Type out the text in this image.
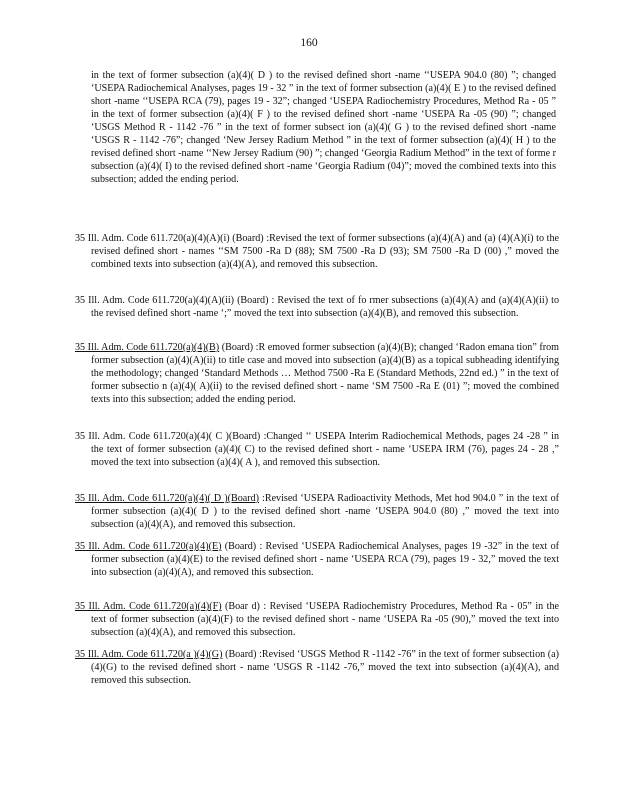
160
in the text of former subsection (a)(4)( D ) to the revised defined short -name ‘‘USEPA 904.0 (80) ”; changed ‘USEPA Radiochemical Analyses, pages 19 - 32 ” in the text of former subsection (a)(4)( E ) to the revised defined short -name ‘‘USEPA RCA (79), pages 19 - 32”; changed ‘USEPA Radiochemistry Procedures, Method Ra - 05 ” in the text of former subsection (a)(4)( F ) to the revised defined short -name ‘USEPA Ra -05 (90) ”; changed ‘USGS Method R - 1142 -76 ” in the text of former subsect ion (a)(4)( G ) to the revised defined short -name ‘USGS R - 1142 -76”; changed ‘New Jersey Radium Method ” in the text of former subsection (a)(4)( H ) to the revised defined short -name ‘‘New Jersey Radium (90) ”; changed ‘Georgia Radium Method” in the text of forme r subsection (a)(4)( I) to the revised defined short -name ‘Georgia Radium (04)”; moved the combined texts into this subsection; added the ending period.
35 Ill. Adm. Code 611.720(a)(4)(A)(i) (Board) :Revised the text of former subsections (a)(4)(A) and (a) (4)(A)(i) to the revised defined short - names ‘‘SM 7500 -Ra D (88); SM 7500 -Ra D (93); SM 7500 -Ra D (00) ,” moved the combined texts into subsection (a)(4)(A), and removed this subsection.
35 Ill. Adm. Code 611.720(a)(4)(A)(ii) (Board) : Revised the text of fo rmer subsections (a)(4)(A) and (a)(4)(A)(ii) to the revised defined short -name ‘;” moved the text into subsection (a)(4)(B), and removed this subsection.
35 Ill. Adm. Code 611.720(a)(4)(B) (Board) :R emoved former subsection (a)(4)(B); changed ‘Radon emana tion” from former subsection (a)(4)(A)(ii) to title case and moved into subsection (a)(4)(B) as a topical subheading identifying the methodology; changed ‘Standard Methods … Method 7500 -Ra E (Standard Methods, 22nd ed.) ” in the text of former subsectio n (a)(4)( A)(ii) to the revised defined short - name ‘SM 7500 -Ra E (01) ”; moved the combined texts into this subsection; added the ending period.
35 Ill. Adm. Code 611.720(a)(4)( C )(Board) :Changed ‘‘ USEPA Interim Radiochemical Methods, pages 24 -28 ” in the text of former subsection (a)(4)( C) to the revised defined short - name ‘USEPA IRM (76), pages 24 - 28 ,” moved the text into subsection (a)(4)( A ), and removed this subsection.
35 Ill. Adm. Code 611.720(a)(4)( D )(Board) :Revised ‘USEPA Radioactivity Methods, Met hod 904.0 ” in the text of former subsection (a)(4)( D ) to the revised defined short -name ‘USEPA 904.0 (80) ,” moved the text into subsection (a)(4)(A), and removed this subsection.
35 Ill. Adm. Code 611.720(a)(4)(E) (Board) : Revised ‘USEPA Radiochemical Analyses, pages 19 -32” in the text of former subsection (a)(4)(E) to the revised defined short - name ‘USEPA RCA (79), pages 19 - 32,” moved the text into subsection (a)(4)(A), and removed this subsection.
35 Ill. Adm. Code 611.720(a)(4)(F) (Boar d) : Revised ‘USEPA Radiochemistry Procedures, Method Ra - 05” in the text of former subsection (a)(4)(F) to the revised defined short - name ‘USEPA Ra -05 (90),” moved the text into subsection (a)(4)(A), and removed this subsection.
35 Ill. Adm. Code 611.720(a )(4)(G) (Board) :Revised ‘USGS Method R -1142 -76” in the text of former subsection (a)(4)(G) to the revised defined short - name ‘USGS R -1142 -76,” moved the text into subsection (a)(4)(A), and removed this subsection.
